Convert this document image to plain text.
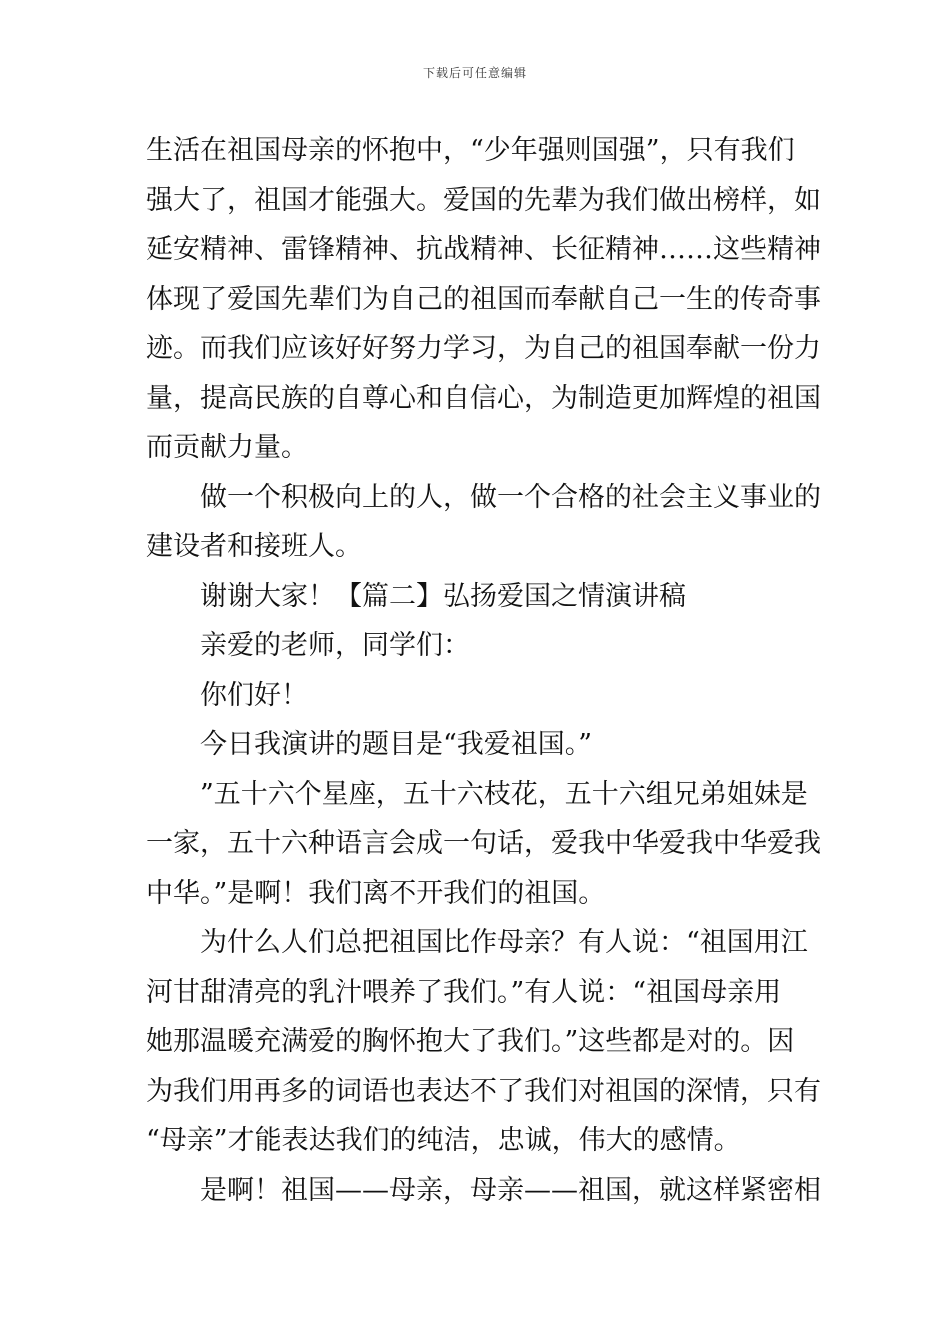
下载后可任意编辑

生活在祖国母亲的怀抱中，“少年强则国强”，只有我们
强大了，祖国才能强大。爱国的先辈为我们做出榜样，如
延安精神、雷锋精神、抗战精神、长征精神……这些精神
体现了爱国先辈们为自己的祖国而奉献自己一生的传奇事
迹。而我们应该好好努力学习，为自己的祖国奉献一份力
量，提高民族的自尊心和自信心，为制造更加辉煌的祖国
而贡献力量。

做一个积极向上的人，做一个合格的社会主义事业的
建设者和接班人。

谢谢大家！【篇二】弘扬爱国之情演讲稿

亲爱的老师，同学们：

你们好！

今日我演讲的题目是“我爱祖国。”

”五十六个星座，五十六枝花，五十六组兄弟姐妹是
一家，五十六种语言会成一句话，爱我中华爱我中华爱我
中华。”是啊！我们离不开我们的祖国。

为什么人们总把祖国比作母亲？有人说：“祖国用江
河甘甜清亮的乳汁喂养了我们。”有人说：“祖国母亲用
她那温暖充满爱的胸怀抱大了我们。”这些都是对的。因
为我们用再多的词语也表达不了我们对祖国的深情，只有
“母亲”才能表达我们的纯洁，忠诚，伟大的感情。

是啊！祖国——母亲，母亲——祖国，就这样紧密相
